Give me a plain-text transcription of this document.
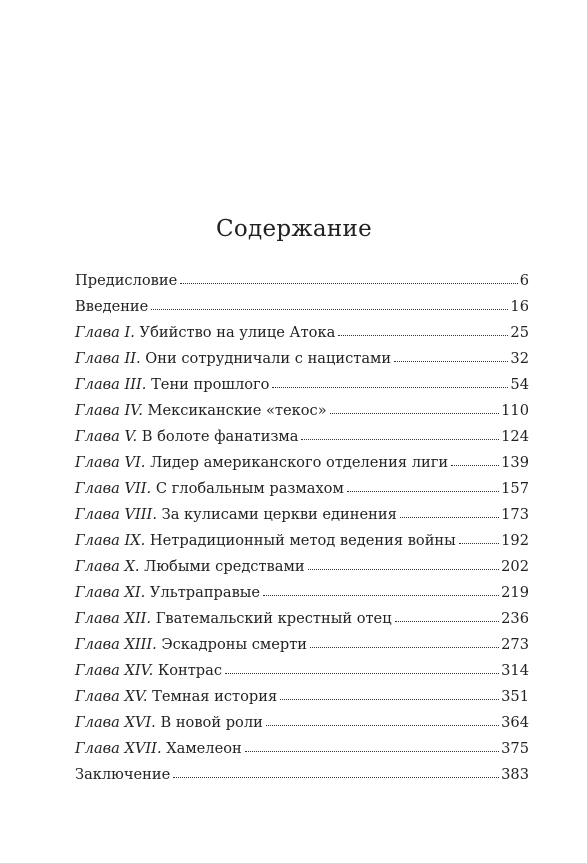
Содержание
Предисловие	6
Введение	16
Глава I. Убийство на улице Атока	25
Глава II. Они сотрудничали с нацистами	32
Глава III. Тени прошлого	54
Глава IV. Мексиканские «текос»	110
Глава V. В болоте фанатизма	124
Глава VI. Лидер американского отделения лиги	139
Глава VII. С глобальным размахом	157
Глава VIII. За кулисами церкви единения	173
Глава IX. Нетрадиционный метод ведения войны	192
Глава X. Любыми средствами	202
Глава XI. Ультраправые	219
Глава XII. Гватемальский крестный отец	236
Глава XIII. Эскадроны смерти	273
Глава XIV. Контрас	314
Глава XV. Темная история	351
Глава XVI. В новой роли	364
Глава XVII. Хамелеон	375
Заключение	383
